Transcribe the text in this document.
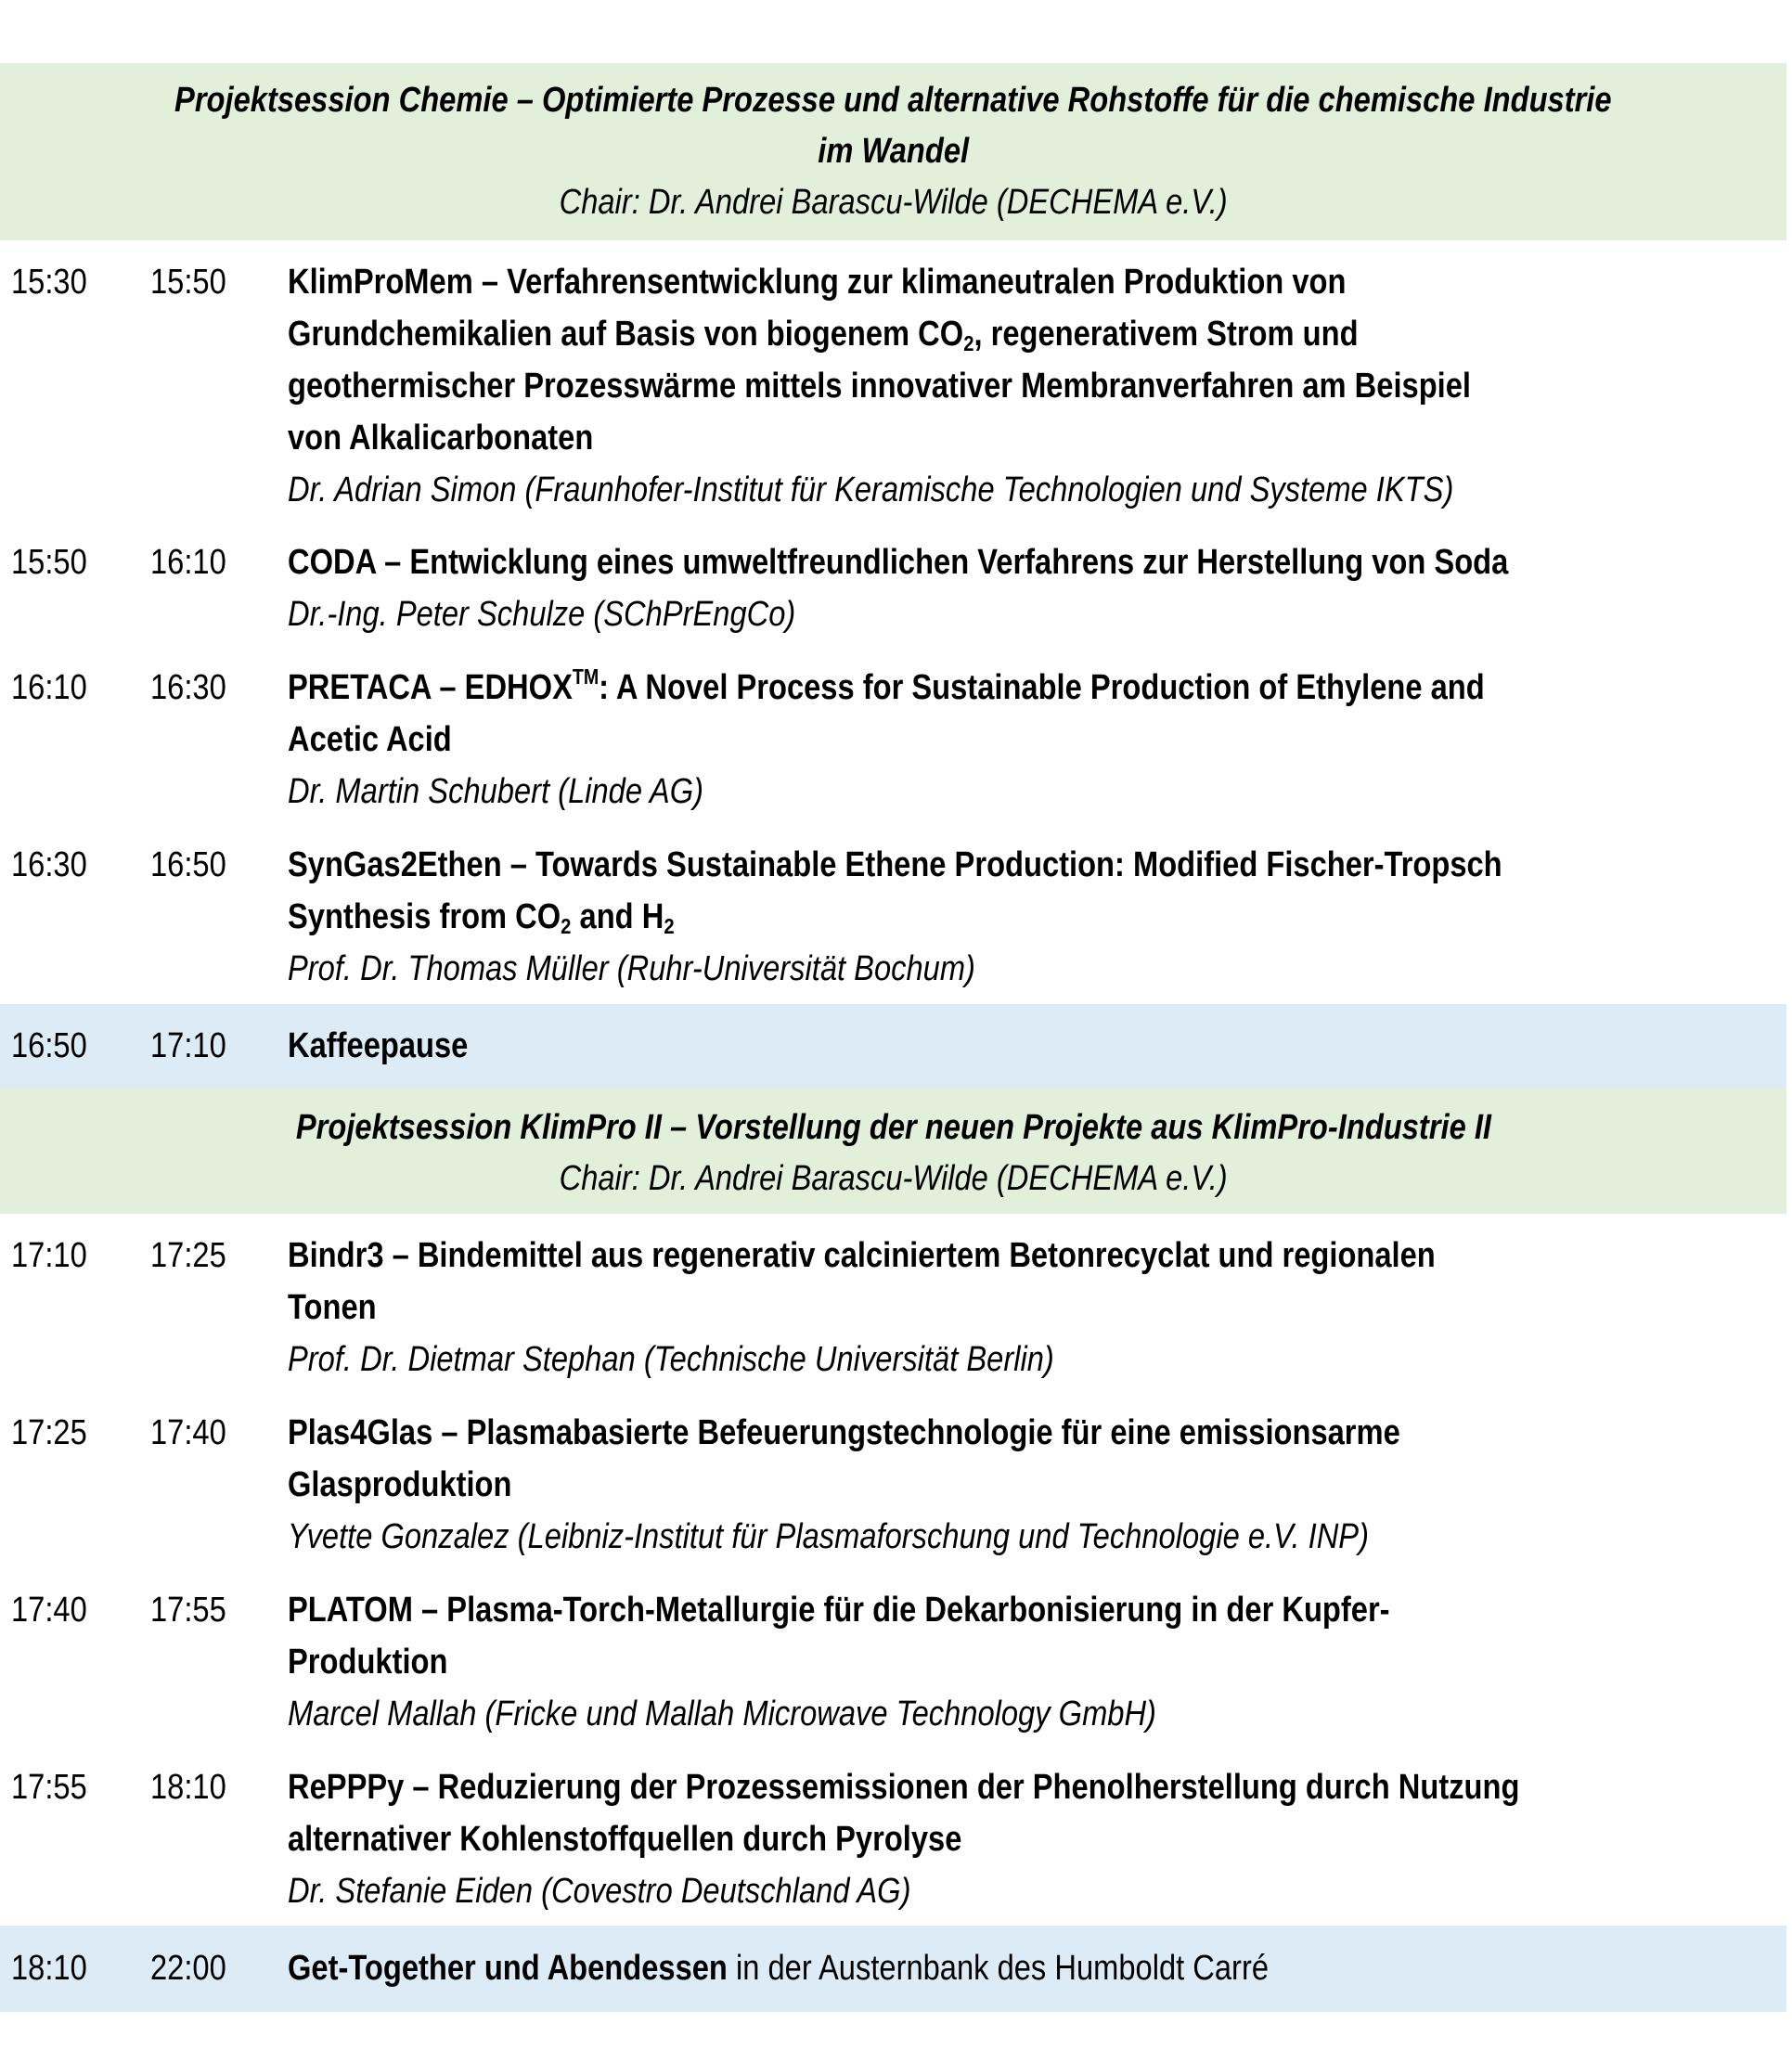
Projektsession Chemie – Optimierte Prozesse und alternative Rohstoffe für die chemische Industrie
im Wandel
Chair: Dr. Andrei Barascu-Wilde (DECHEMA e.V.)
15:30	15:50	KlimProMem – Verfahrensentwicklung zur klimaneutralen Produktion von
Grundchemikalien auf Basis von biogenem $CO_2$, regenerativem Strom und
geothermischer Prozesswärme mittels innovativer Membranverfahren am Beispiel
von Alkalicarbonaten
Dr. Adrian Simon (Fraunhofer-Institut für Keramische Technologien und Systeme IKTS)
15:50	16:10	CODA – Entwicklung eines umweltfreundlichen Verfahrens zur Herstellung von Soda
Dr.-Ing. Peter Schulze (SChPrEngCo)
16:10	16:30	PRETACA – EDHOX™: A Novel Process for Sustainable Production of Ethylene and
Acetic Acid
Dr. Martin Schubert (Linde AG)
16:30	16:50	SynGas2Ethen – Towards Sustainable Ethene Production: Modified Fischer-Tropsch
Synthesis from $CO_2$ and $H_2$
Prof. Dr. Thomas Müller (Ruhr-Universität Bochum)
16:50	17:10	Kaffeepause
Projektsession KlimPro II – Vorstellung der neuen Projekte aus KlimPro-Industrie II
Chair: Dr. Andrei Barascu-Wilde (DECHEMA e.V.)
17:10	17:25	Bindr3 – Bindemittel aus regenerativ calciniertem Betonrecyclat und regionalen
Tonen
Prof. Dr. Dietmar Stephan (Technische Universität Berlin)
17:25	17:40	Plas4Glas – Plasmabasierte Befeuerungstechnologie für eine emissionsarme
Glasproduktion
Yvette Gonzalez (Leibniz-Institut für Plasmaforschung und Technologie e.V. INP)
17:40	17:55	PLATOM – Plasma-Torch-Metallurgie für die Dekarbonisierung in der Kupfer-
Produktion
Marcel Mallah (Fricke und Mallah Microwave Technology GmbH)
17:55	18:10	RePPPy – Reduzierung der Prozessemissionen der Phenolherstellung durch Nutzung
alternativer Kohlenstoffquellen durch Pyrolyse
Dr. Stefanie Eiden (Covestro Deutschland AG)
18:10	22:00	Get-Together und Abendessen in der Austernbank des Humboldt Carré
